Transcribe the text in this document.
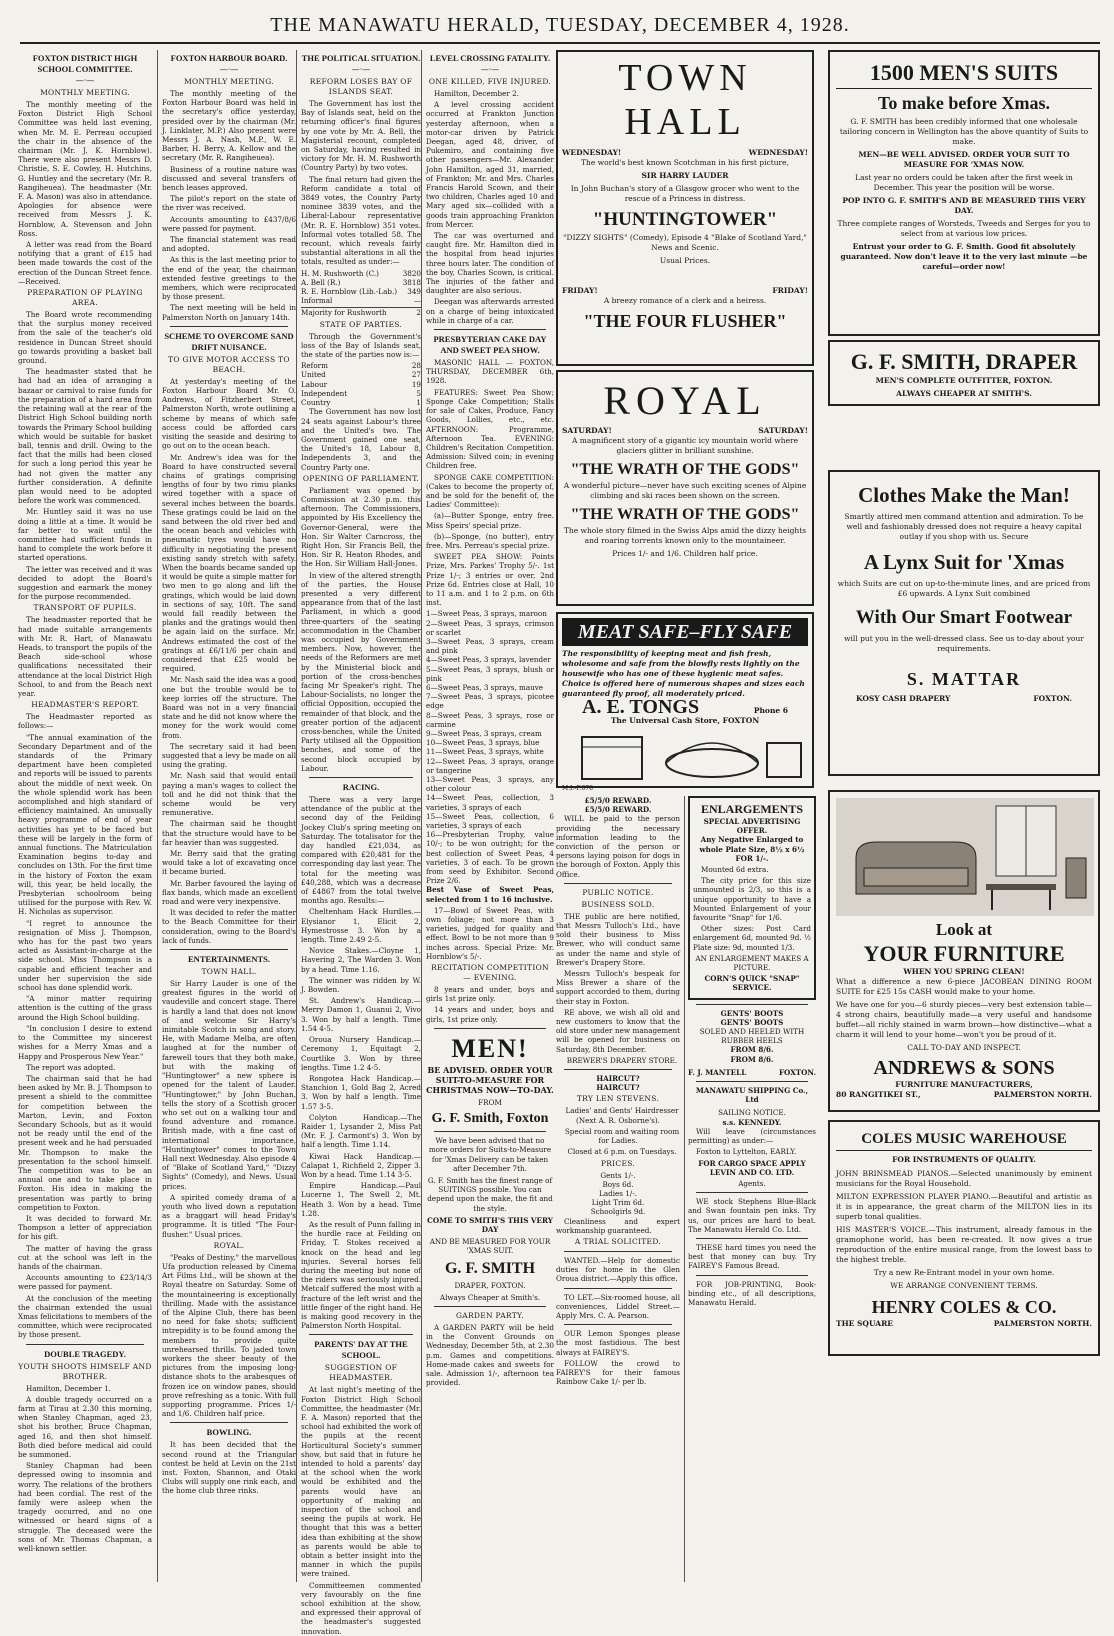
THE MANAWATU HERALD, TUESDAY, DECEMBER 4, 1928.
FOXTON DISTRICT HIGH SCHOOL COMMITTEE.
—·—
MONTHLY MEETING.

The monthly meeting of the Foxton District High School Committee was held last evening, when Mr. M. E. Perreau occupied the chair in the absence of the chairman (Mr. J. K. Hornblow). There were also present Messrs D. Christie, S. E. Cowley, H. Hutchins, G. Huntley and the secretary (Mr. R. Rangiheuea). The headmaster (Mr. F. A. Mason) was also in attendance. Apologies for absence were received from Messrs J. K. Hornblow, A. Stevenson and John Ross.

A letter was read from the Board notifying that a grant of £15 had been made towards the cost of the erection of the Duncan Street fence.—Received.

PREPARATION OF PLAYING AREA.

The Board wrote recommending that the surplus money received from the sale of the teacher's old residence in Duncan Street should go towards providing a basket ball ground.

The headmaster stated that he had had an idea of arranging a bazaar or carnival to raise funds for the preparation of a hard area from the retaining wall at the rear of the District High School building north towards the Primary School building which would be suitable for basket ball, tennis and drill. Owing to the fact that the mills had been closed for such a long period this year he had not given the matter any further consideration. A definite plan would need to be adopted before the work was commenced.

Mr. Huntley said it was no use doing a little at a time. It would be far better to wait until the committee had sufficient funds in hand to complete the work before it started operations.

The letter was received and it was decided to adopt the Board's suggestion and earmark the money for the purpose recommended.

TRANSPORT OF PUPILS.

The headmaster reported that he had made suitable arrangements with Mr. R. Hart, of Manawatu Heads, to transport the pupils of the Beach side-school whose qualifications necessitated their attendance at the local District High School, to and from the Beach next year.

HEADMASTER'S REPORT.

The Headmaster reported as follows:—

"The annual examination of the Secondary Department and of the standards of the Primary department have been completed and reports will be issued to parents about the middle of next week. On the whole splendid work has been accomplished and high standard of efficiency maintained. An unusually heavy programme of end of year activities has yet to be faced but these will be largely in the form of annual functions. The Matriculation Examination begins to-day and concludes on 13th. For the first time in the history of Foxton the exam will, this year, be held locally, the Presbyterian schoolroom being utilised for the purpose with Rev. W. H. Nicholas as supervisor.

"I regret to announce the resignation of Miss J. Thompson, who has for the past two years acted as Assistant-in-charge at the side school. Miss Thompson is a capable and efficient teacher and under her supervision the side school has done splendid work.

"A minor matter requiring attention is the cutting of the grass around the High School building.

"In conclusion I desire to extend to the Committee my sincerest wishes for a Merry Xmas and a Happy and Prosperous New Year."

The report was adopted.

The chairman said that he had been asked by Mr. B. J. Thompson to present a shield to the committee for competition between the Marton, Levin, and Foxton Secondary Schools, but as it would not be ready until the end of the present week and he had persuaded Mr. Thompson to make the presentation to the school himself. The competition was to be an annual one and to take place in Foxton. His idea in making the presentation was partly to bring competition to Foxton.

It was decided to forward Mr. Thompson a letter of appreciation for his gift.

The matter of having the grass cut at the school was left in the hands of the chairman.

Accounts amounting to £23/14/3 were passed for payment.

At the conclusion of the meeting the chairman extended the usual Xmas felicitations to members of the committee, which were reciprocated by those present.

DOUBLE TRAGEDY.
YOUTH SHOOTS HIMSELF AND BROTHER.

Hamilton, December 1.

A double tragedy occurred on a farm at Tirau at 2.30 this morning, when Stanley Chapman, aged 23, shot his brother, Bruce Chapman, aged 16, and then shot himself. Both died before medical aid could be summoned.

Stanley Chapman had been depressed owing to insomnia and worry. The relations of the brothers had been cordial. The rest of the family were asleep when the tragedy occurred, and no one witnessed or heard signs of a struggle. The deceased were the sons of Mr. Thomas Chapman, a well-known settler.

FOXTON HARBOUR BOARD.
—·—
MONTHLY MEETING.

The monthly meeting of the Foxton Harbour Board was held in the secretary's office yesterday, presided over by the chairman (Mr. J. Linklater, M.P.) Also present were Messrs J. A. Nash, M.P., W. E. Barber, H. Berry, A. Kellow and the secretary (Mr. R. Rangiheuea).

Business of a routine nature was discussed and several transfers of bench leases approved.

The pilot's report on the state of the river was received.

Accounts amounting to £437/8/6 were passed for payment.

The financial statement was read and adopted.

As this is the last meeting prior to the end of the year, the chairman extended festive greetings to the members, which were reciprocated by those present.

The next meeting will be held in Palmerston North on January 14th.

SCHEME TO OVERCOME SAND DRIFT NUISANCE.
TO GIVE MOTOR ACCESS TO BEACH.

At yesterday's meeting of the Foxton Harbour Board Mr. O. Andrews, of Fitzherbert Street, Palmerston North, wrote outlining a scheme by means of which safe access could be afforded cars visiting the seaside and desiring to go out on to the ocean beach.

Mr. Andrew's idea was for the Board to have constructed several chains of gratings comprising lengths of four by two rimu planks wired together with a space of several inches between the boards. These gratings could be laid on the sand between the old river bed and the ocean beach and vehicles with pneumatic tyres would have no difficulty in negotiating the present existing sandy stretch with safety. When the boards became sanded up it would be quite a simple matter for two men to go along and lift the gratings, which would be laid down in sections of say, 10ft. The sand would fall readily between the planks and the gratings would then be again laid on the surface. Mr. Andrews estimated the cost of the gratings at £6/11/6 per chain and considered that £25 would be required.

Mr. Nash said the idea was a good one but the trouble would be to keep lorries off the structure. The Board was not in a very financial state and he did not know where the money for the work would come from.

The secretary said it had been suggested that a levy be made on all using the grating.

Mr. Nash said that would entail paying a man's wages to collect the toll and he did not think that the scheme would be very remunerative.

The chairman said he thought that the structure would have to be far heavier than was suggested.

Mr. Berry said that the grating would take a lot of excavating once it became buried.

Mr. Barber favoured the laying of flax bands, which made an excellent road and were very inexpensive.

It was decided to refer the matter to the Beach Committee for their consideration, owing to the Board's lack of funds.

ENTERTAINMENTS.
TOWN HALL.

Sir Harry Lauder is one of the greatest figures in the world of vaudeville and concert stage. There is hardly a land that does not know of and welcome Sir Harry's inimitable Scotch in song and story. He, with Madame Melba, are often laughed at for the number of farewell tours that they both make, but with the making of "Huntingtower" a new sphere is opened for the talent of Lauder. "Huntingtower," by John Buchan, tells the story of a Scottish grocer who set out on a walking tour and found adventure and romance. British made, with a fine cast of international importance, "Huntingtower" comes to the Town Hall next Wednesday. Also episode 4 of "Blake of Scotland Yard," "Dizzy Sights" (Comedy), and News. Usual prices.

A spirited comedy drama of a youth who lived down a reputation as a braggart will head Friday's programme. It is titled "The Four-flusher." Usual prices.

ROYAL.

"Peaks of Destiny," the marvellous Ufa production released by Cinema Art Films Ltd., will be shown at the Royal theatre on Saturday. Some of the mountaineering is exceptionally thrilling. Made with the assistance of the Alpine Club, there has been no need for fake shots; sufficient intrepidity is to be found among the members to provide quite unrehearsed thrills. To jaded town workers the sheer beauty of the pictures from the imposing long-distance shots to the arabesques of frozen ice on window panes, should prove refreshing as a tonic. With full supporting programme. Prices 1/- and 1/6. Children half price.

BOWLING.

It has been decided that the second round at the Triangular contest be held at Levin on the 21st inst. Foxton, Shannon, and Otaki Clubs will supply one rink each, and the home club three rinks.

THE POLITICAL SITUATION.
—·—
REFORM LOSES BAY OF ISLANDS SEAT.

The Government has lost the Bay of Islands seat, held on the returning officer's final figures by one vote by Mr. A. Bell, the Magisterial recount, completed on Saturday, having resulted in victory for Mr. H. M. Rushworth (Country Party) by two votes.

The final return had given the Reform candidate a total of 3849 votes, the Country Party nominee 3839 votes, and the Liberal-Labour representative (Mr. R. E. Hornblow) 351 votes. Informal votes totalled 58. The recount, which reveals fairly substantial alterations in all the totals, resulted as under:—

H. M. Rushworth (C.)	3820
A. Bell (R.)	3818
R. E. Hornblow (Lib.-Lab.) 349
Informal	—
Majority for Rushworth	2
STATE OF PARTIES.

Through the Government's loss of the Bay of Islands seat, the state of the parties now is:—

Reform	28
United	27
Labour	19
Independent	5
Country	1

The Government has now lost 24 seats against Labour's three and the United's two. The Government gained one seat, the United's 18, Labour 8, Independents 3, and the Country Party one.

OPENING OF PARLIAMENT.

Parliament was opened by Commission at 2.30 p.m. this afternoon. The Commissioners, appointed by His Excellency the Governor-General, were the Hon. Sir Walter Carncross, the Right Hon. Sir Francis Bell, the Hon. Sir R. Heaton Rhodes, and the Hon. Sir William Hall-Jones.

In view of the altered strength of the parties, the House presented a very different appearance from that of the last Parliament, in which a good three-quarters of the seating accommodation in the Chamber was occupied by Government members. Now, however, the needs of the Reformers are met by the Ministerial block and portion of the cross-benches facing Mr Speaker's right. The Labour-Socialists, no longer the official Opposition, occupied the remainder of that block, and the greater portion of the adjacent cross-benches, while the United Party utilised all the Opposition benches, and some of the second block occupied by Labour.

RACING.

There was a very large attendance of the public at the second day of the Feilding Jockey Club's spring meeting on Saturday. The totalisator for the day handled £21,034, as compared with £20,481 for the corresponding day last year. The total for the meeting was £40,288, which was a decrease of £4867 from the total twelve months ago. Results:—

Cheltenham Hack Hurdles.—Elysianor 1, Elicit 2, Hymestrosse 3. Won by a length. Time 2.49 2-5.

Novice Stakes.—Cloyne 1, Havering 2, The Warden 3. Won by a head. Time 1.16.

The winner was ridden by W. J. Bowden.

St. Andrew's Handicap.—Merry Damon 1, Guanui 2, Vivo 3. Won by half a length. Time 1.54 4-5.

Oroua Nursery Handicap.—Ceremony 1, Equitagt 2, Courtlike 3. Won by three lengths. Time 1.2 4-5.

Rongotea Hack Handicap.—Stanchion 1, Gold Bag 2, Acred 3. Won by half a length. Time 1.57 3-5.

Colyton Handicap.—The Raider 1, Lysander 2, Miss Pat (Mr. F. J. Carmont's) 3. Won by half a length. Time 1.14.

Kiwai Hack Handicap.—Calapat 1, Richfield 2, Zipper 3. Won by a head. Time 1.14 3-5.

Empire Handicap.—Paul Lucerne 1, The Swell 2, Mt. Heath 3. Won by a head. Time 1.28.

As the result of Punn falling in the hurdle race at Feilding on Friday, T. Stokes received a knock on the head and leg injuries. Several horses fell during the meeting but none of the riders was seriously injured. Metcalf suffered the most with a fracture of the left wrist and the little finger of the right hand. He is making good recovery in the Palmerston North Hospital.

PARENTS' DAY AT THE SCHOOL.
SUGGESTION OF HEADMASTER.

At last night's meeting of the Foxton District High School Committee, the headmaster (Mr. F. A. Mason) reported that the school had exhibited the work of the pupils at the recent Horticultural Society's summer show, but said that in future he intended to hold a parents' day at the school when the work would be exhibited and the parents would have an opportunity of making an inspection of the school and seeing the pupils at work. He thought that this was a better idea than exhibiting at the show as parents would be able to obtain a better insight into the manner in which the pupils were trained.

Committeemen commented very favourably on the fine school exhibition at the show, and expressed their approval of the headmaster's suggested innovation.

LEVEL CROSSING FATALITY.
—·—
ONE KILLED, FIVE INJURED.

Hamilton, December 2.

A level crossing accident occurred at Frankton Junction yesterday afternoon, when a motor-car driven by Patrick Deegan, aged 48, driver, of Pukemiro, and containing five other passengers—Mr. Alexander John Hamilton, aged 31, married, of Frankton; Mr. and Mrs. Charles Francis Harold Scown, and their two children, Charles aged 10 and Mary aged six—collided with a goods train approaching Frankton from Mercer.

The car was overturned and caught fire. Mr. Hamilton died in the hospital from head injuries three hours later. The condition of the boy, Charles Scown, is critical. The injuries of the father and daughter are also serious.

Deegan was afterwards arrested on a charge of being intoxicated while in charge of a car.

PRESBYTERIAN CAKE DAY AND SWEET PEA SHOW.

MASONIC HALL — FOXTON, THURSDAY, DECEMBER 6th, 1928.

FEATURES: Sweet Pea Show; Sponge Cake Competition; Stalls for sale of Cakes, Produce, Fancy Goods, Lollies, etc., etc. AFTERNOON: Programme, Afternoon Tea. EVENING: Children's Recitation Competition. Admission: Silved coin; in evening Children free.

SPONGE CAKE COMPETITION: (Cakes to become the property of, and be sold for the benefit of, the Ladies' Committee):

(a)—Butter Sponge, entry free. Miss Speirs' special prize.

(b)—Sponge, (no butter), entry free. Mrs. Perreau's special prize.

SWEET PEA SHOW: Points Prize, Mrs. Parkes' Trophy 5/-. 1st Prize 1/-; 3 entries or over, 2nd Prize 6d. Entries close at Hall, 10 to 11 a.m. and 1 to 2 p.m. on 6th inst.

1—Sweet Peas, 3 sprays, maroon
2—Sweet Peas, 3 sprays, crimson or scarlet
3—Sweet Peas, 3 sprays, cream and pink
4—Sweet Peas, 3 sprays, lavender
5—Sweet Peas, 3 sprays, blush or pink
6—Sweet Peas, 3 sprays, mauve
7—Sweet Peas, 3 sprays, picotee edge
8—Sweet Peas, 3 sprays, rose or carmine
9—Sweet Peas, 3 sprays, cream
10—Sweet Peas, 3 sprays, blue
11—Sweet Peas, 3 sprays, white
12—Sweet Peas, 3 sprays, orange or tangerine
13—Sweet Peas, 3 sprays, any other colour
14—Sweet Peas, collection, 3 varieties, 3 sprays of each
15—Sweet Peas, collection, 6 varieties, 3 sprays of each
16—Presbyterian Trophy, value 10/-; to be won outright; for the best collection of Sweet Peas, 4 varieties, 3 of each. To be grown from seed by Exhibitor. Second Prize 2/6.

Best Vase of Sweet Peas, selected from 1 to 16 inclusive.

17—Bowl of Sweet Peas, with own foliage; not more than 3 varieties, judged for quality and effect. Bowl to be not more than 9 inches across. Special Prize: Mr. Hornblow's 5/-.

RECITATION COMPETITION — EVENING.

8 years and under, boys and girls 1st prize only.

14 years and under, boys and girls, 1st prize only.

MEN!

BE ADVISED. ORDER YOUR SUIT-TO-MEASURE FOR CHRISTMAS NOW—TO-DAY.

FROM

G. F. Smith, Foxton

We have been advised that no more orders for Suits-to-Measure for 'Xmas Delivery can be taken after December 7th.

G. F. Smith has the finest range of SUITINGS possible. You can depend upon the make, the fit and the style.

COME TO SMITH'S THIS VERY DAY

AND BE MEASURED FOR YOUR 'XMAS SUIT.

G. F. SMITH

DRAPER, FOXTON.

Always Cheaper at Smith's.

GARDEN PARTY.

A GARDEN PARTY will be held in the Convent Grounds on Wednesday, December 5th, at 2.30 p.m. Games and competitions. Home-made cakes and sweets for sale. Admission 1/-, afternoon tea provided.

TOWN HALL
WEDNESDAY!	WEDNESDAY!

The world's best known Scotchman in his first picture,

SIR HARRY LAUDER

In John Buchan's story of a Glasgow grocer who went to the rescue of a Princess in distress.

"HUNTINGTOWER"

"DIZZY SIGHTS" (Comedy), Episode 4 "Blake of Scotland Yard," News and Scenic.

Usual Prices.

FRIDAY!	FRIDAY!

A breezy romance of a clerk and a heiress.

"THE FOUR FLUSHER"
ROYAL
SATURDAY!	SATURDAY!

A magnificent story of a gigantic icy mountain world where glaciers glitter in brilliant sunshine.

"THE WRATH OF THE GODS"

A wonderful picture—never have such exciting scenes of Alpine climbing and ski races been shown on the screen.

"THE WRATH OF THE GODS"

The whole story filmed in the Swiss Alps amid the dizzy heights and roaring torrents known only to the mountaineer.

Prices 1/- and 1/6. Children half price.

MEAT SAFE–FLY SAFE

The responsibility of keeping meat and fish fresh, wholesome and safe from the blowfly rests lightly on the housewife who has one of these hygienic meat safes. Choice is offered here of numerous shapes and sizes each guaranteed fly proof, all moderately priced.

A. E. TONGS	Phone 6

The Universal Cash Store, FOXTON

M.I.-F.078
£5/5/0 REWARD.
£5/5/0 REWARD.

WILL be paid to the person providing the necessary information leading to the conviction of the person or persons laying poison for dogs in the borough of Foxton. Apply this Office.

PUBLIC NOTICE.
BUSINESS SOLD.

THE public are here notified, that Messrs Tulloch's Ltd., have sold their business to Miss Brewer, who will conduct same as under the name and style of Brewer's Drapery Store.

Messrs Tulloch's bespeak for Miss Brewer a share of the support accorded to them, during their stay in Foxton.

RE above, we wish all old and new customers to know that the old store under new management will be opened for business on Saturday, 8th December.

BREWER'S DRAPERY STORE.

HAIRCUT?
HAIRCUT?
TRY LEN STEVENS.

Ladies' and Gents' Hairdresser (Next A. R. Osborne's).

Special room and waiting room for Ladies.

Closed at 6 p.m. on Tuesdays.

PRICES.
Gents 1/-.
Boys 6d.
Ladies 1/-.
Light Trim 6d.
Schoolgirls 9d.

Cleanliness and expert workmanship guaranteed.

A TRIAL SOLICITED.

WANTED.—Help for domestic duties for home in the Glen Oroua district.—Apply this office.

TO LET.—Six-roomed house, all conveniences, Liddel Street.—Apply Mrs. C. A. Pearson.

OUR Lemon Sponges please the most fastidious. The best always at FAIREY'S.

FOLLOW the crowd to FAIREY'S for their famous Rainbow Cake 1/- per lb.

ENLARGEMENTS
SPECIAL ADVERTISING OFFER.

Any Negative Enlarged to whole Plate Size, 8½ x 6½ FOR 1/-.

Mounted 6d extra.

The city price for this size unmounted is 2/3, so this is a unique opportunity to have a Mounted Enlargement of your favourite "Snap" for 1/6.

Other sizes: Post Card enlargement 6d, mounted 9d. ½ Plate size: 9d, mounted 1/3.

AN ENLARGEMENT MAKES A PICTURE.

CORN'S QUICK "SNAP" SERVICE.

GENTS' BOOTS
GENTS' BOOTS
SOLED AND HEELED WITH RUBBER HEELS
FROM 8/6.
FROM 8/6.
F. J. MANTELL	FOXTON.
MANAWATU SHIPPING Co., Ltd
SAILING NOTICE.
s.s. KENNEDY.

Will leave (circumstances permitting) as under:—

Foxton to Lyttelton, EARLY.

FOR CARGO SPACE APPLY LEVIN AND CO. LTD.

Agents.

WE stock Stephens Blue-Black and Swan fountain pen inks. Try us, our prices are hard to beat. The Manawatu Herald Co. Ltd.

THESE hard times you need the best that money can buy. Try FAIREY'S Famous Bread.

FOR JOB-PRINTING, Book-binding etc., of all descriptions, Manawatu Herald.

1500 MEN'S SUITS
To make before Xmas.

G. F. SMITH has been credibly informed that one wholesale tailoring concern in Wellington has the above quantity of Suits to make.

MEN—BE WELL ADVISED. ORDER YOUR SUIT TO MEASURE FOR 'XMAS NOW.

Last year no orders could be taken after the first week in December. This year the position will be worse.

POP INTO G. F. SMITH'S AND BE MEASURED THIS VERY DAY.

Three complete ranges of Worsteds, Tweeds and Serges for you to select from at various low prices.

Entrust your order to G. F. Smith. Good fit absolutely guaranteed. Now don't leave it to the very last minute —be careful—order now!

G. F. SMITH, DRAPER

MEN'S COMPLETE OUTFITTER, FOXTON.

ALWAYS CHEAPER AT SMITH'S.

Clothes Make the Man!

Smartly attired men command attention and admiration. To be well and fashionably dressed does not require a heavy capital outlay if you shop with us. Secure

A Lynx Suit for 'Xmas

which Suits are cut on up-to-the-minute lines, and are priced from £6 upwards. A Lynx Suit combined

With Our Smart Footwear

will put you in the well-dressed class. See us to-day about your requirements.

S. MATTAR
KOSY CASH DRAPERY	FOXTON.
Look at
YOUR FURNITURE
WHEN YOU SPRING CLEAN!

What a difference a new 6-piece JACOBEAN DINING ROOM SUITE for £25 15s CASH would make to your home.

We have one for you—6 sturdy pieces—very best extension table—4 strong chairs, beautifully made—a very useful and handsome buffet—all richly stained in warm brown—how distinctive—what a charm it will lend to your home—won't you be proud of it.

CALL TO-DAY AND INSPECT.

ANDREWS & SONS
FURNITURE MANUFACTURERS,
80 RANGITIKEI ST.,	PALMERSTON NORTH.
COLES MUSIC WAREHOUSE
FOR INSTRUMENTS OF QUALITY.

JOHN BRINSMEAD PIANOS.—Selected unanimously by eminent musicians for the Royal Household.

MILTON EXPRESSION PLAYER PIANO.—Beautiful and artistic as it is in appearance, the great charm of the MILTON lies in its superb tonal qualities.

HIS MASTER'S VOICE.—This instrument, already famous in the gramophone world, has been re-created. It now gives a true reproduction of the entire musical range, from the lowest bass to the highest treble.

Try a new Re-Entrant model in your own home.

WE ARRANGE CONVENIENT TERMS.

HENRY COLES & CO.
THE SQUARE	PALMERSTON NORTH.
